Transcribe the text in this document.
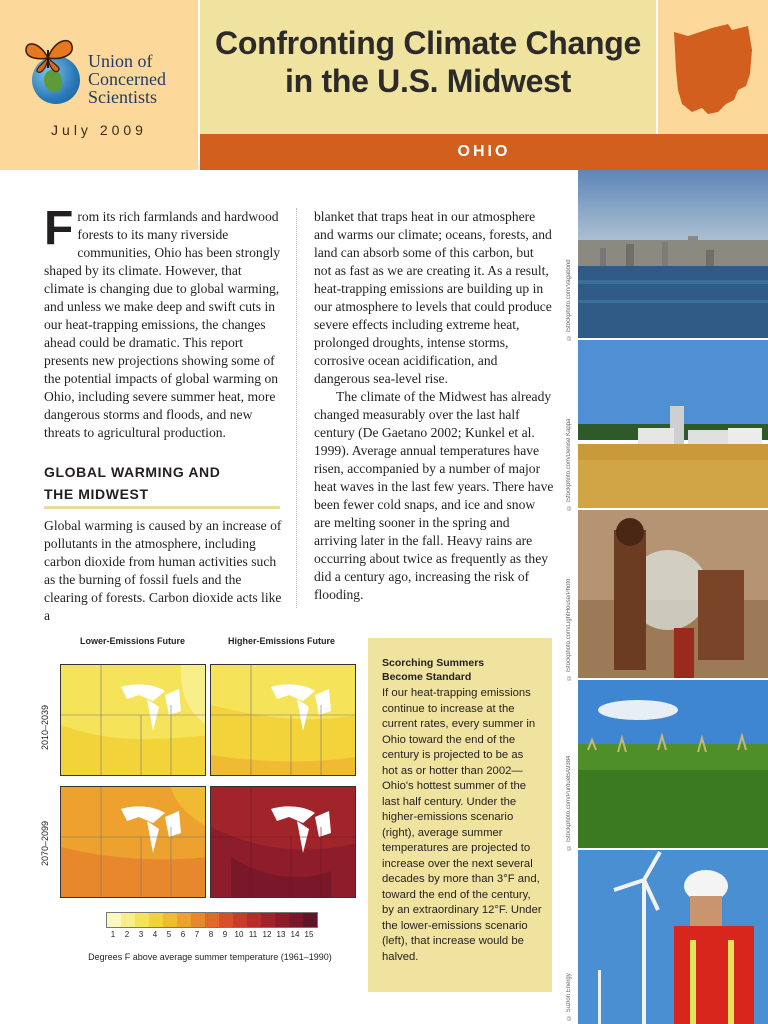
OHIO
Union of
Concerned
Scientists
July 2009
Confronting Climate Change
in the U.S. Midwest
From its rich farmlands and hardwood forests to its many riverside communities, Ohio has been strongly shaped by its climate. However, that climate is changing due to global warming, and unless we make deep and swift cuts in our heat-trapping emissions, the changes ahead could be dramatic. This report presents new projections showing some of the potential impacts of global warming on Ohio, including severe summer heat, more dangerous storms and floods, and new threats to agricultural production.
GLOBAL WARMING AND
THE MIDWEST
Global warming is caused by an increase of pollutants in the atmosphere, including carbon dioxide from human activities such as the burning of fossil fuels and the clearing of forests. Carbon dioxide acts like a

blanket that traps heat in our atmosphere and warms our climate; oceans, forests, and land can absorb some of this carbon, but not as fast as we are creating it. As a result, heat-trapping emissions are building up in our atmosphere to levels that could produce severe effects including extreme heat, prolonged droughts, intense storms, corrosive ocean acidification, and dangerous sea-level rise.

The climate of the Midwest has already changed measurably over the last half century (De Gaetano 2002; Kunkel et al. 1999). Average annual temperatures have risen, accompanied by a number of major heat waves in the last few years. There have been fewer cold snaps, and ice and snow are melting sooner in the spring and arriving later in the fall. Heavy rains are occurring about twice as frequently as they did a century ago, increasing the risk of flooding.

© iStockphoto.com/Vagabond
© iStockphoto.com/Denise Kappa
© iStockphoto.com/LightHouse/Photo
© iStockphoto.com/PurdueBA9384
© Suzlon Energy
Lower-Emissions Future	Higher-Emissions Future
2010–2039
2070–2099
1	2	3	4	5	6	7	8	9 10 11 12 13 14 15
Degrees F above average summer temperature (1961–1990)
Scorching Summers
Become Standard
If our heat-trapping emissions continue to increase at the current rates, every summer in Ohio toward the end of the century is projected to be as hot as or hotter than 2002—Ohio's hottest summer of the last half century. Under the higher-emissions scenario (right), average summer temperatures are projected to increase over the next several decades by more than 3°F and, toward the end of the century, by an extraordinary 12°F. Under the lower-emissions scenario (left), that increase would be halved.
